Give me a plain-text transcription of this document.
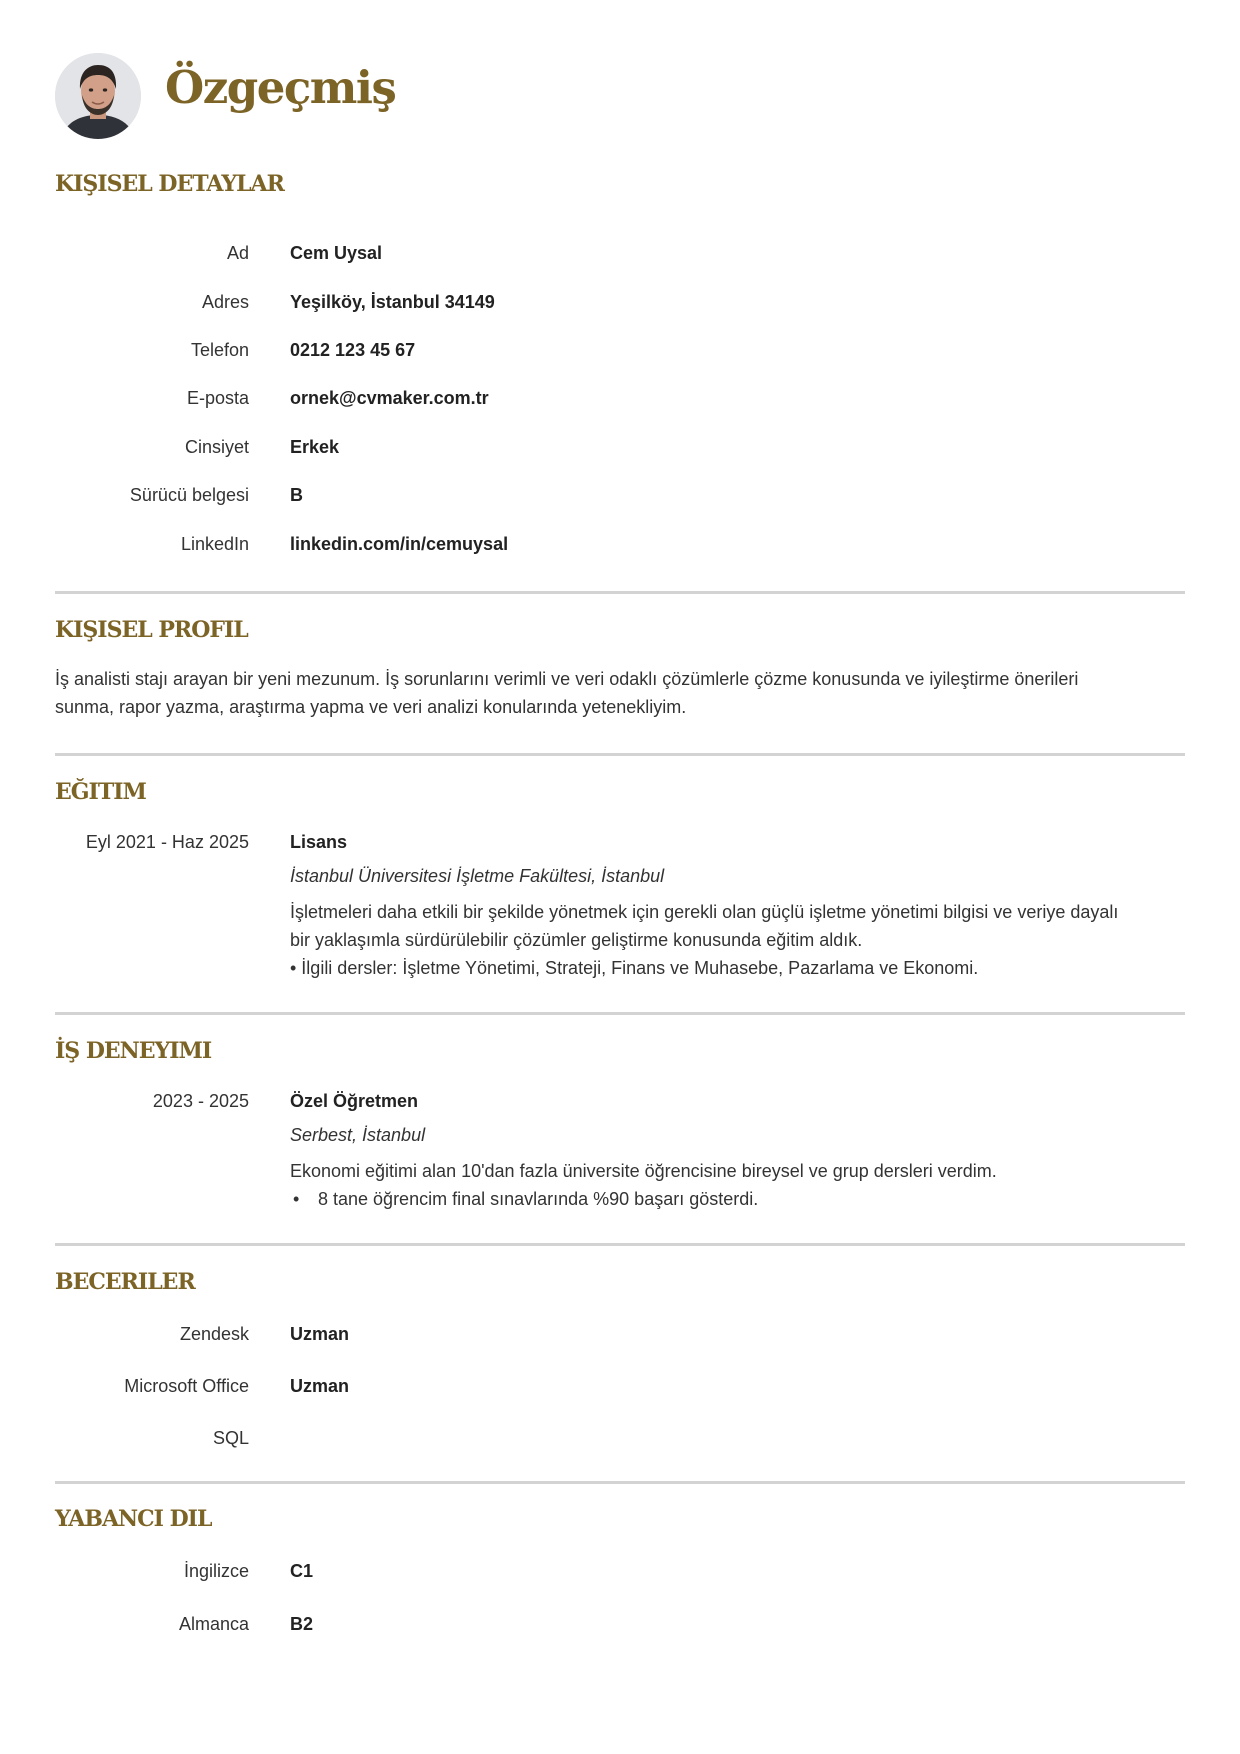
Özgeçmiş
KIŞISEL DETAYLAR
Ad Cem Uysal
Adres Yeşilköy, İstanbul 34149
Telefon 0212 123 45 67
E-posta ornek@cvmaker.com.tr
Cinsiyet Erkek
Sürücü belgesi B
LinkedIn linkedin.com/in/cemuysal
KIŞISEL PROFIL

İş analisti stajı arayan bir yeni mezunum. İş sorunlarını verimli ve veri odaklı çözümlerle çözme konusunda ve iyileştirme önerileri

sunma, rapor yazma, araştırma yapma ve veri analizi konularında yetenekliyim.

EĞITIM
Eyl 2021 - Haz 2025 Lisans
İstanbul Üniversitesi İşletme Fakültesi, İstanbul

İşletmeleri daha etkili bir şekilde yönetmek için gerekli olan güçlü işletme yönetimi bilgisi ve veriye dayalı

bir yaklaşımla sürdürülebilir çözümler geliştirme konusunda eğitim aldık.

• İlgili dersler: İşletme Yönetimi, Strateji, Finans ve Muhasebe, Pazarlama ve Ekonomi.

İŞ DENEYIMI
2023 - 2025 Özel Öğretmen
Serbest, İstanbul

Ekonomi eğitimi alan 10'dan fazla üniversite öğrencisine bireysel ve grup dersleri verdim.

• 8 tane öğrencim final sınavlarında %90 başarı gösterdi.
BECERILER
Zendesk Uzman
Microsoft Office Uzman
SQL
YABANCI DIL
İngilizce C1
Almanca B2
